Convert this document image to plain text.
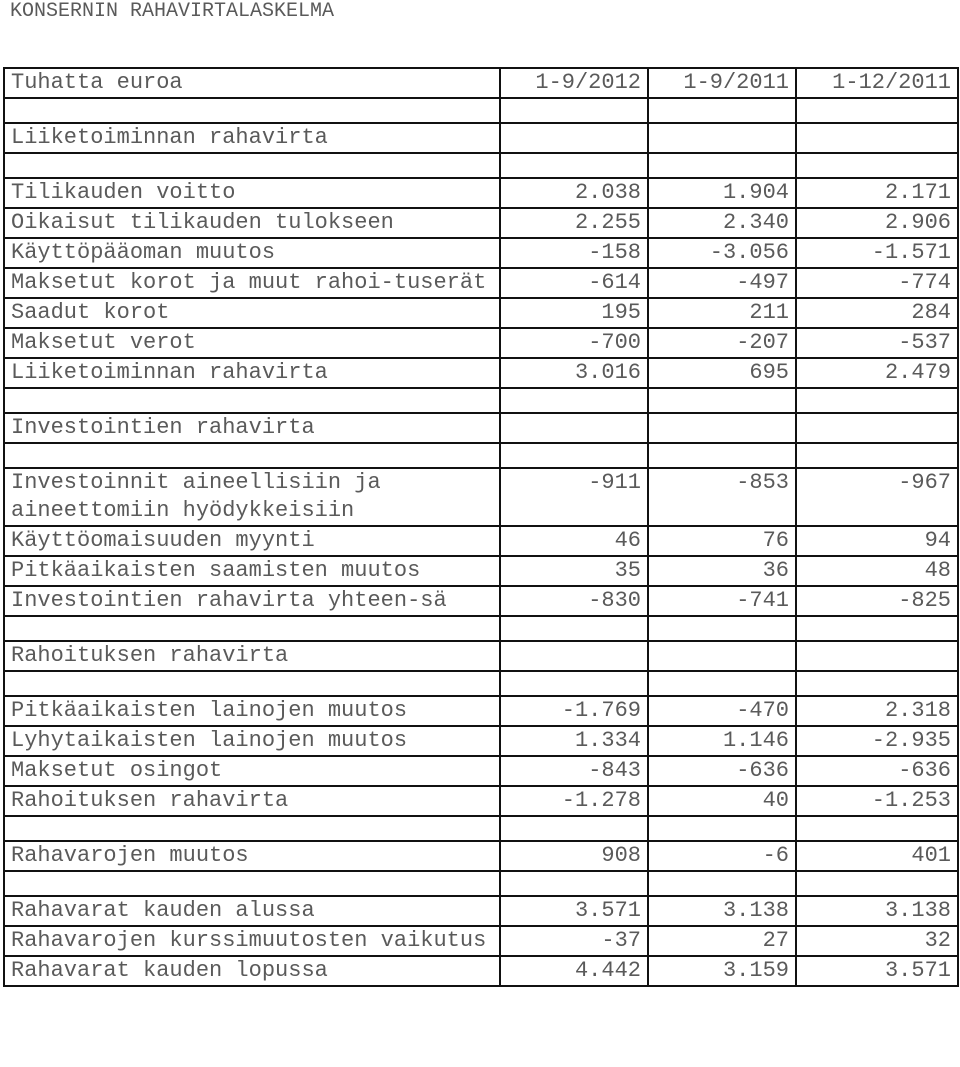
KONSERNIN RAHAVIRTALASKELMA
Tuhatta euroa	1-9/2012	1-9/2011	1-12/2011

Liiketoiminnan rahavirta			

Tilikauden voitto	2.038	1.904	2.171
Oikaisut tilikauden tulokseen	2.255	2.340	2.906
Käyttöpääoman muutos	-158	-3.056	-1.571
Maksetut korot ja muut rahoi-tuserät	-614	-497	-774
Saadut korot	195	211	284
Maksetut verot	-700	-207	-537
Liiketoiminnan rahavirta	3.016	695	2.479

Investointien rahavirta			

Investoinnit aineellisiin ja aineettomiin hyödykkeisiin	-911	-853	-967
Käyttöomaisuuden myynti	46	76	94
Pitkäaikaisten saamisten muutos	35	36	48
Investointien rahavirta yhteen-sä	-830	-741	-825

Rahoituksen rahavirta			

Pitkäaikaisten lainojen muutos	-1.769	-470	2.318
Lyhytaikaisten lainojen muutos	1.334	1.146	-2.935
Maksetut osingot	-843	-636	-636
Rahoituksen rahavirta	-1.278	40	-1.253

Rahavarojen muutos	908	-6	401

Rahavarat kauden alussa	3.571	3.138	3.138
Rahavarojen kurssimuutosten vaikutus	-37	27	32
Rahavarat kauden lopussa	4.442	3.159	3.571
